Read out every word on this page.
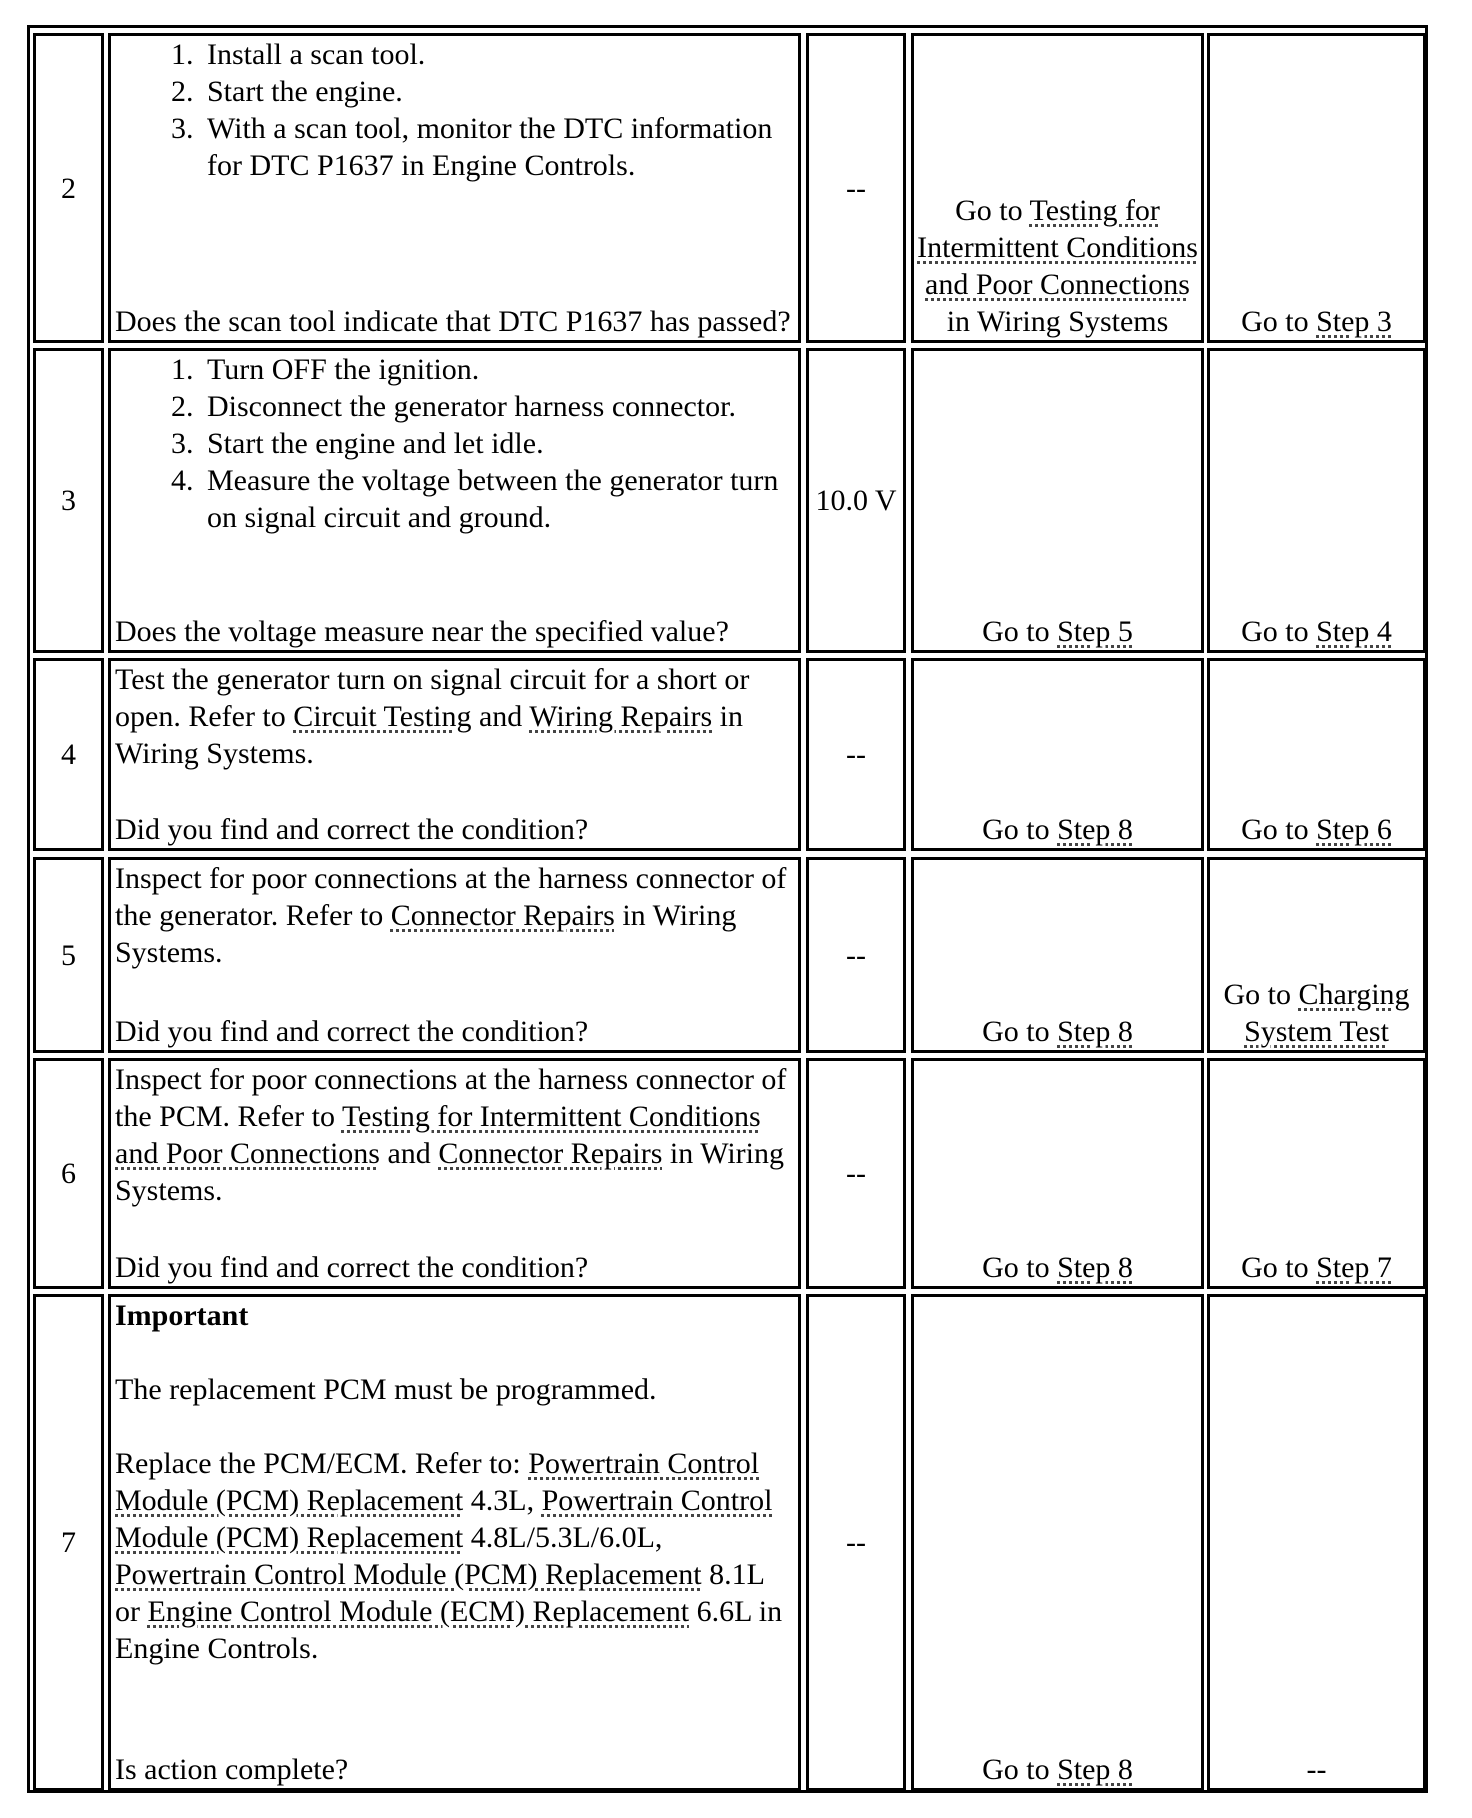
2
1. Install a scan tool.
2. Start the engine.
3. With a scan tool, monitor the DTC information for DTC P1637 in Engine Controls.

Does the scan tool indicate that DTC P1637 has passed?

--
Go to Testing for Intermittent Conditions and Poor Connections in Wiring Systems	Go to Step 3
3
1. Turn OFF the ignition.
2. Disconnect the generator harness connector.
3. Start the engine and let idle.
4. Measure the voltage between the generator turn on signal circuit and ground.

Does the voltage measure near the specified value?

10.0 V
Go to Step 5	Go to Step 4
4

Test the generator turn on signal circuit for a short or open. Refer to Circuit Testing and Wiring Repairs in Wiring Systems.

Did you find and correct the condition?

--
Go to Step 8	Go to Step 6
5

Inspect for poor connections at the harness connector of the generator. Refer to Connector Repairs in Wiring Systems.

Did you find and correct the condition?

--
Go to Step 8
Go to Charging System Test
6

Inspect for poor connections at the harness connector of the PCM. Refer to Testing for Intermittent Conditions and Poor Connections and Connector Repairs in Wiring Systems.

Did you find and correct the condition?

--
Go to Step 8	Go to Step 7
7

Important

The replacement PCM must be programmed.

Replace the PCM/ECM. Refer to: Powertrain Control Module (PCM) Replacement 4.3L, Powertrain Control Module (PCM) Replacement 4.8L/5.3L/6.0L, Powertrain Control Module (PCM) Replacement 8.1L or Engine Control Module (ECM) Replacement 6.6L in Engine Controls.

Is action complete?

--
Go to Step 8	--
